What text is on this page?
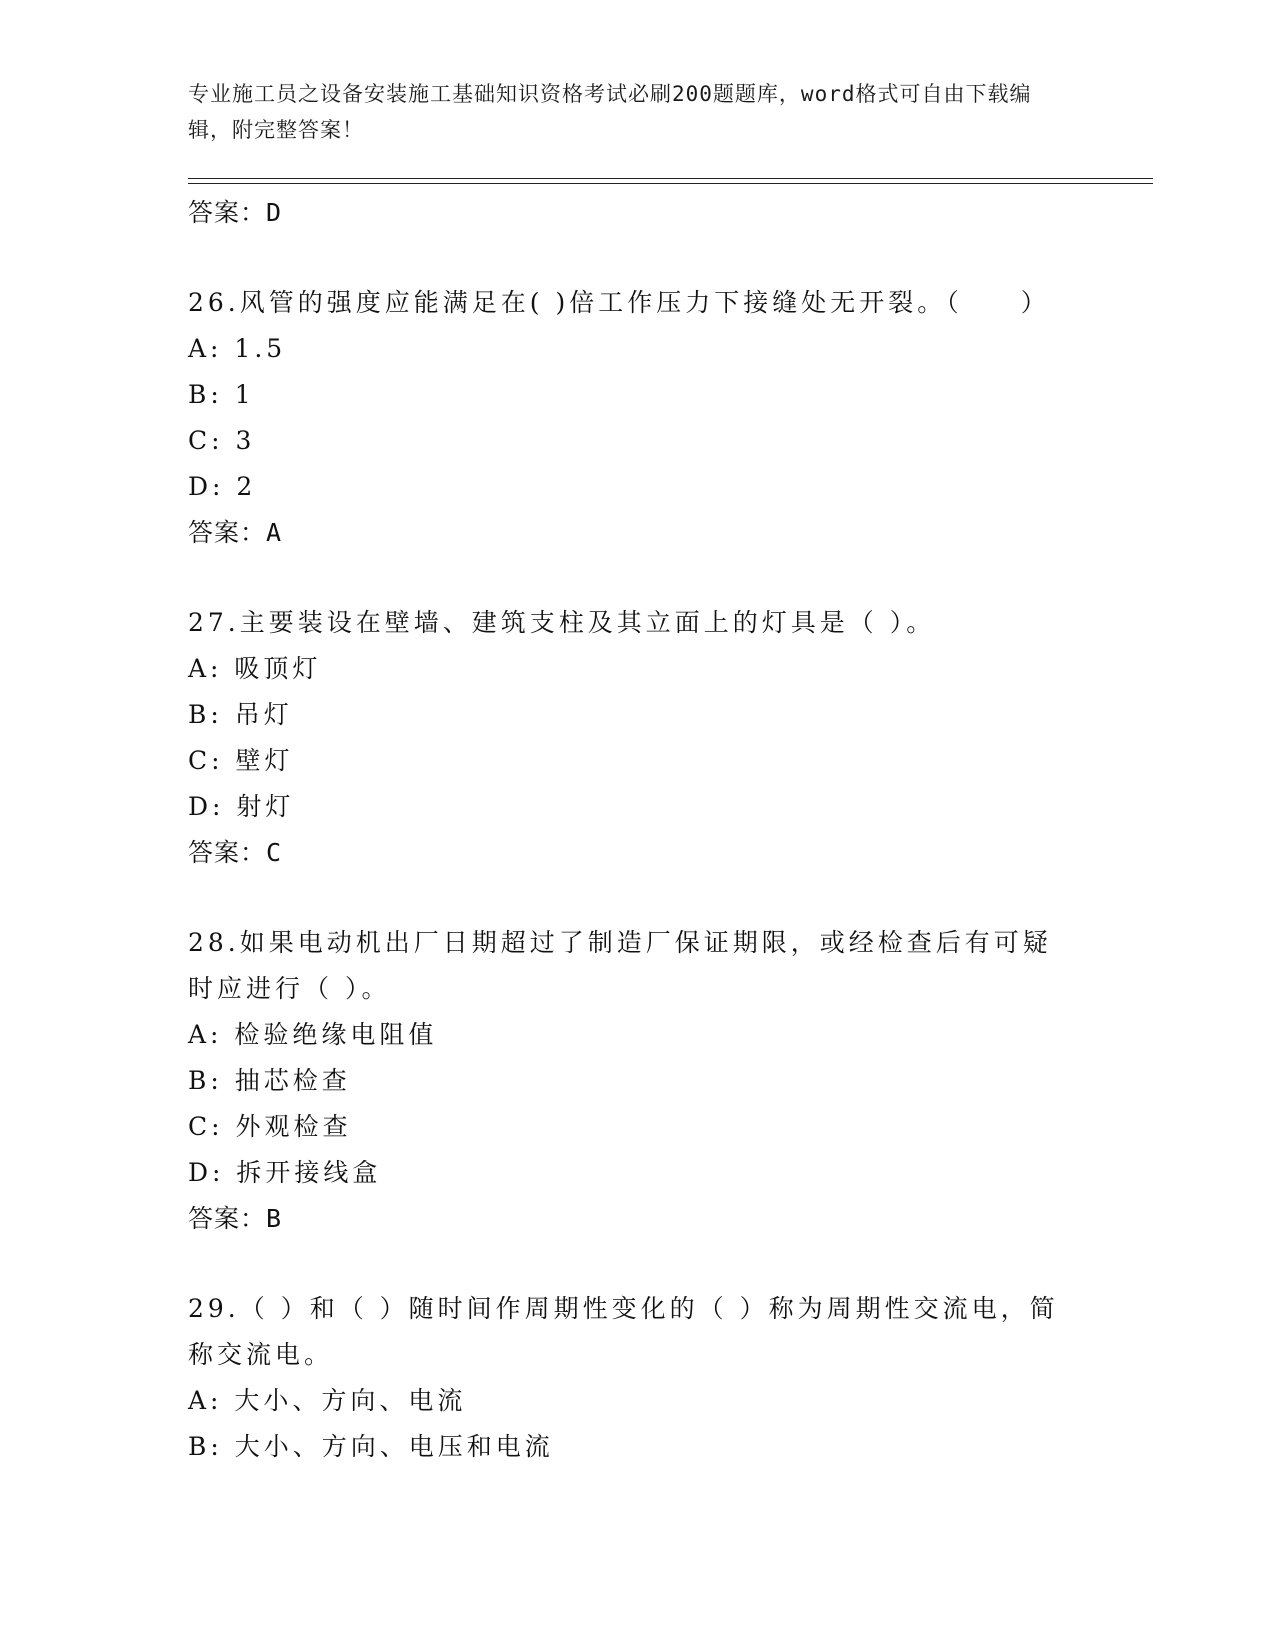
专业施工员之设备安装施工基础知识资格考试必刷200题题库，word格式可自由下载编辑，附完整答案！
答案：D
26.风管的强度应能满足在( )倍工作压力下接缝处无开裂。（　　）
A: 1.5
B: 1
C: 3
D: 2
答案：A
27.主要装设在壁墙、建筑支柱及其立面上的灯具是（ ）。
A: 吸顶灯
B: 吊灯
C: 壁灯
D: 射灯
答案：C
28.如果电动机出厂日期超过了制造厂保证期限，或经检查后有可疑时应进行（ ）。
A: 检验绝缘电阻值
B: 抽芯检查
C: 外观检查
D: 拆开接线盒
答案：B
29.（ ）和（ ）随时间作周期性变化的（ ）称为周期性交流电，简称交流电。
A: 大小、方向、电流
B: 大小、方向、电压和电流
